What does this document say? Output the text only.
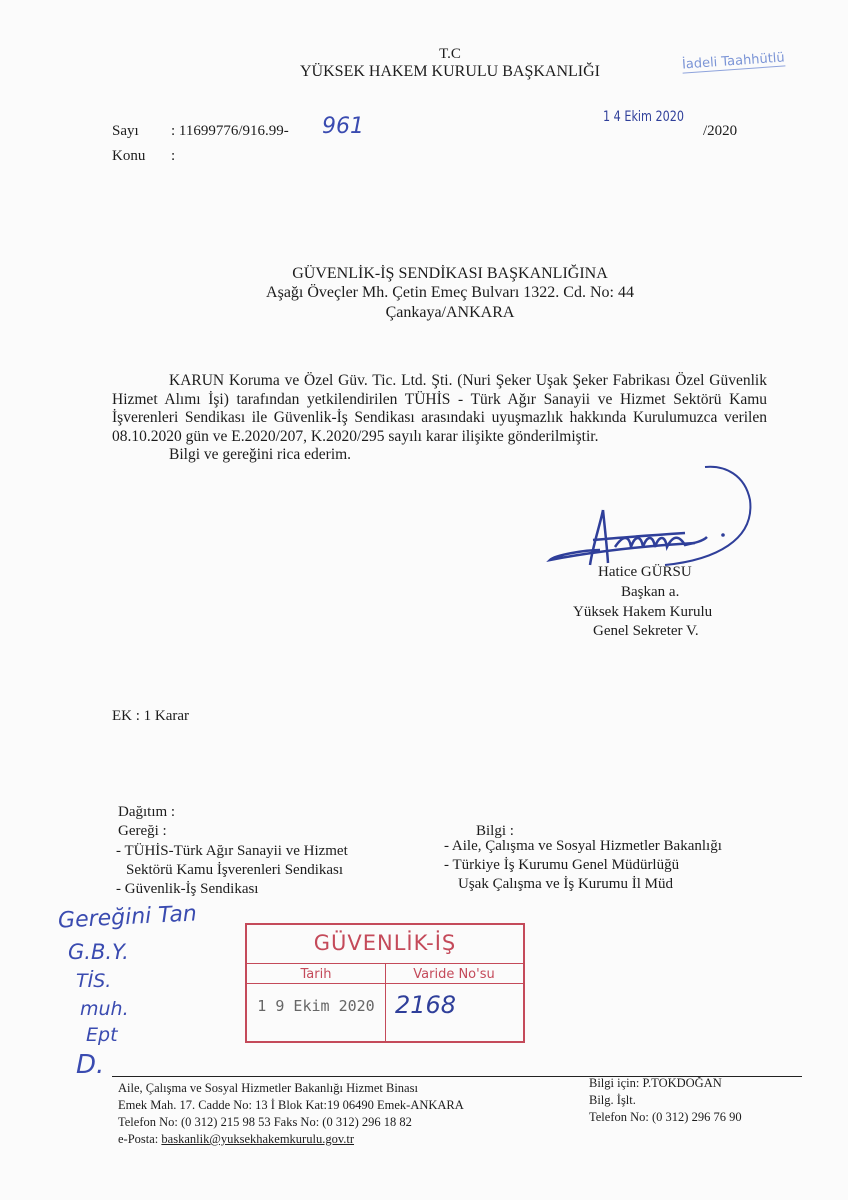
T.C
YÜKSEK HAKEM KURULU BAŞKANLIĞI	İadeli Taahhütlü
Sayı : 11699776/916.99- 961
Konu :
1 4 Ekim 2020
/2020
GÜVENLİK-İŞ SENDİKASI BAŞKANLIĞINA
Aşağı Öveçler Mh. Çetin Emeç Bulvarı 1322. Cd. No: 44
Çankaya/ANKARA

KARUN Koruma ve Özel Güv. Tic. Ltd. Şti. (Nuri Şeker Uşak Şeker Fabrikası Özel Güvenlik Hizmet Alımı İşi) tarafından yetkilendirilen TÜHİS - Türk Ağır Sanayii ve Hizmet Sektörü Kamu İşverenleri Sendikası ile Güvenlik-İş Sendikası arasındaki uyuşmazlık hakkında Kurulumuzca verilen 08.10.2020 gün ve E.2020/207, K.2020/295 sayılı karar ilişikte gönderilmiştir.

Bilgi ve gereğini rica ederim.

Hatice GÜRSU
Başkan a.
Yüksek Hakem Kurulu
Genel Sekreter V.
EK : 1 Karar
Dağıtım :
Gereği :
- TÜHİS-Türk Ağır Sanayii ve Hizmet
Sektörü Kamu İşverenleri Sendikası
- Güvenlik-İş Sendikası
Bilgi :
- Aile, Çalışma ve Sosyal Hizmetler Bakanlığı
- Türkiye İş Kurumu Genel Müdürlüğü
Uşak Çalışma ve İş Kurumu İl Müd
Gereğini Tan
G.B.Y.
TİS.
muh.
Ept
D.
GÜVENLİK-İŞ
Tarih	Varide No'su
1 9 Ekim 2020 2168
Aile, Çalışma ve Sosyal Hizmetler Bakanlığı Hizmet Binası
Emek Mah. 17. Cadde No: 13 İ Blok Kat:19 06490 Emek-ANKARA
Telefon No: (0 312) 215 98 53 Faks No: (0 312) 296 18 82
e-Posta: baskanlik@yuksekhakemkurulu.gov.tr
Bilgi için: P.TOKDOĞAN
Bilg. İşlt.
Telefon No: (0 312) 296 76 90
